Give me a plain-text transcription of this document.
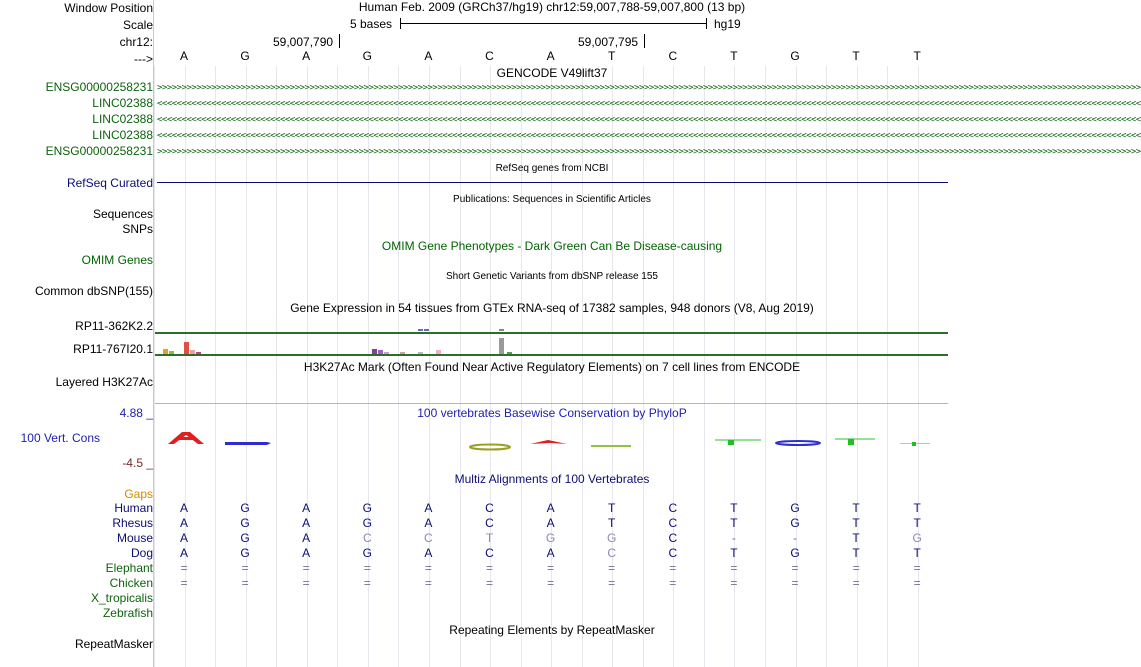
Window Position	Human Feb. 2009 (GRCh37/hg19) chr12:59,007,788-59,007,800 (13 bp)
Scale	5 bases	hg19
chr12:	59,007,790	59,007,795
---> A	G	A	G	A	C	A	T	C	T	G	T	T
GENCODE V49lift37
ENSG00000258231 >>>>>>>>>>>>>>>>>>>>>>>>>>>>>>>>>>>>>>>>>>>>>>>>>>>>>>>>>>>>>>>>>>>>>>>>>>>>>>>>>>>>>>>>>>>>>>>>>>>>>>>>>>>>>>>>>>>>>>>>>>>>>>>>>>>>>>>>>>>>>>>>>>>>>>>>>>>>>>>>>>>>>>>>>>>>>>>>>>>>>>>>>>>>>>>>>>>>>>>>
LINC02388 <<<<<<<<<<<<<<<<<<<<<<<<<<<<<<<<<<<<<<<<<<<<<<<<<<<<<<<<<<<<<<<<<<<<<<<<<<<<<<<<<<<<<<<<<<<<<<<<<<<<<<<<<<<<<<<<<<<<<<<<<<<<<<<<<<<<<<<<<<<<<<<<<<<<<<<<<<<<<<<<<<<<<<<<<<<<<<<<<<<<<<<<<<<<<<<<<<<<<<<<
LINC02388 <<<<<<<<<<<<<<<<<<<<<<<<<<<<<<<<<<<<<<<<<<<<<<<<<<<<<<<<<<<<<<<<<<<<<<<<<<<<<<<<<<<<<<<<<<<<<<<<<<<<<<<<<<<<<<<<<<<<<<<<<<<<<<<<<<<<<<<<<<<<<<<<<<<<<<<<<<<<<<<<<<<<<<<<<<<<<<<<<<<<<<<<<<<<<<<<<<<<<<<<
LINC02388 <<<<<<<<<<<<<<<<<<<<<<<<<<<<<<<<<<<<<<<<<<<<<<<<<<<<<<<<<<<<<<<<<<<<<<<<<<<<<<<<<<<<<<<<<<<<<<<<<<<<<<<<<<<<<<<<<<<<<<<<<<<<<<<<<<<<<<<<<<<<<<<<<<<<<<<<<<<<<<<<<<<<<<<<<<<<<<<<<<<<<<<<<<<<<<<<<<<<<<<<
ENSG00000258231 >>>>>>>>>>>>>>>>>>>>>>>>>>>>>>>>>>>>>>>>>>>>>>>>>>>>>>>>>>>>>>>>>>>>>>>>>>>>>>>>>>>>>>>>>>>>>>>>>>>>>>>>>>>>>>>>>>>>>>>>>>>>>>>>>>>>>>>>>>>>>>>>>>>>>>>>>>>>>>>>>>>>>>>>>>>>>>>>>>>>>>>>>>>>>>>>>>>>>>>>
RefSeq genes from NCBI
RefSeq Curated
Publications: Sequences in Scientific Articles
Sequences
SNPs
OMIM Gene Phenotypes - Dark Green Can Be Disease-causing
OMIM Genes
Short Genetic Variants from dbSNP release 155
Common dbSNP(155)
Gene Expression in 54 tissues from GTEx RNA-seq of 17382 samples, 948 donors (V8, Aug 2019)
RP11-362K2.2
RP11-767I20.1
H3K27Ac Mark (Often Found Near Active Regulatory Elements) on 7 cell lines from ENCODE
Layered H3K27Ac
100 vertebrates Basewise Conservation by PhyloP
4.88 _
100 Vert. Cons
-4.5 _
Multiz Alignments of 100 Vertebrates
Gaps
Human A	G	A	G	A	C	A	T	C	T	G	T	T
Rhesus A	G	A	G	A	C	A	T	C	T	G	T	T
Mouse A	G	A	C	C	T	G	G	C	-	-	T	G
Dog A	G	A	G	A	C	A	C	C	T	G	T	T
Elephant =	=	=	=	=	=	=	=	=	=	=	=	=
Chicken =	=	=	=	=	=	=	=	=	=	=	=	=
X_tropicalis
Zebrafish
Repeating Elements by RepeatMasker
RepeatMasker
